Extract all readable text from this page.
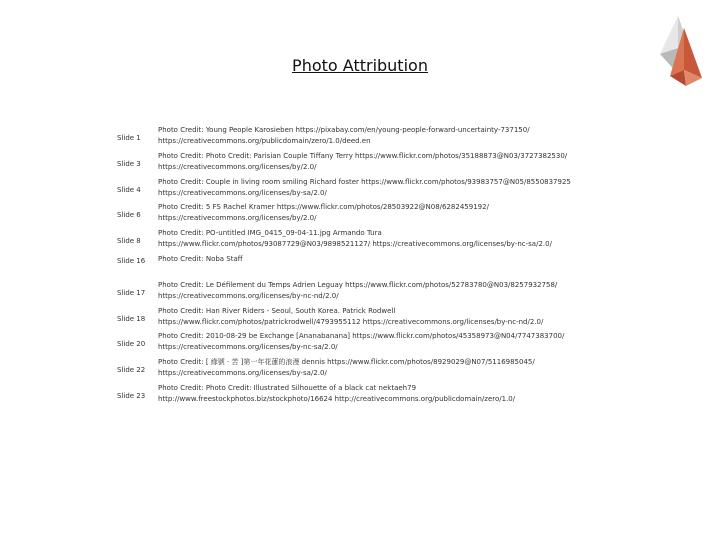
Photo Attribution
Slide 1
Photo Credit: Young People Karosieben https://pixabay.com/en/young-people-forward-uncertainty-737150/
https://creativecommons.org/publicdomain/zero/1.0/deed.en
Slide 3
Photo Credit: Photo Credit: Parisian Couple Tiffany Terry https://www.flickr.com/photos/35188873@N03/3727382530/
https://creativecommons.org/licenses/by/2.0/
Slide 4
Photo Credit: Couple in living room smiling Richard foster https://www.flickr.com/photos/93983757@N05/8550837925
https://creativecommons.org/licenses/by-sa/2.0/
Slide 6
Photo Credit: 5 FS Rachel Kramer https://www.flickr.com/photos/28503922@N08/6282459192/
https://creativecommons.org/licenses/by/2.0/
Slide 8
Photo Credit: PO-untitled IMG_0415_09-04-11.jpg Armando Tura
https://www.flickr.com/photos/93087729@N03/9898521127/ https://creativecommons.org/licenses/by-nc-sa/2.0/
Slide 16 Photo Credit: Noba Staff
Slide 17
Photo Credit: Le Défilement du Temps Adrien Leguay https://www.flickr.com/photos/52783780@N03/8257932758/
https://creativecommons.org/licenses/by-nc-nd/2.0/
Slide 18
Photo Credit: Han River Riders - Seoul, South Korea. Patrick Rodwell
https://www.flickr.com/photos/patrickrodwell/4793955112 https://creativecommons.org/licenses/by-nc-nd/2.0/
Slide 20
Photo Credit: 2010-08-29 be Exchange [Ananabanana] https://www.flickr.com/photos/45358973@N04/7747383700/
https://creativecommons.org/licenses/by-nc-sa/2.0/
Slide 22
Photo Credit: [ 緣號 · 苦 ]第一年花蓮的浪漫 dennis https://www.flickr.com/photos/8929029@N07/5116985045/
https://creativecommons.org/licenses/by-sa/2.0/
Slide 23
Photo Credit: Photo Credit: Illustrated Silhouette of a black cat nektaeh79
http://www.freestockphotos.biz/stockphoto/16624 http://creativecommons.org/publicdomain/zero/1.0/
